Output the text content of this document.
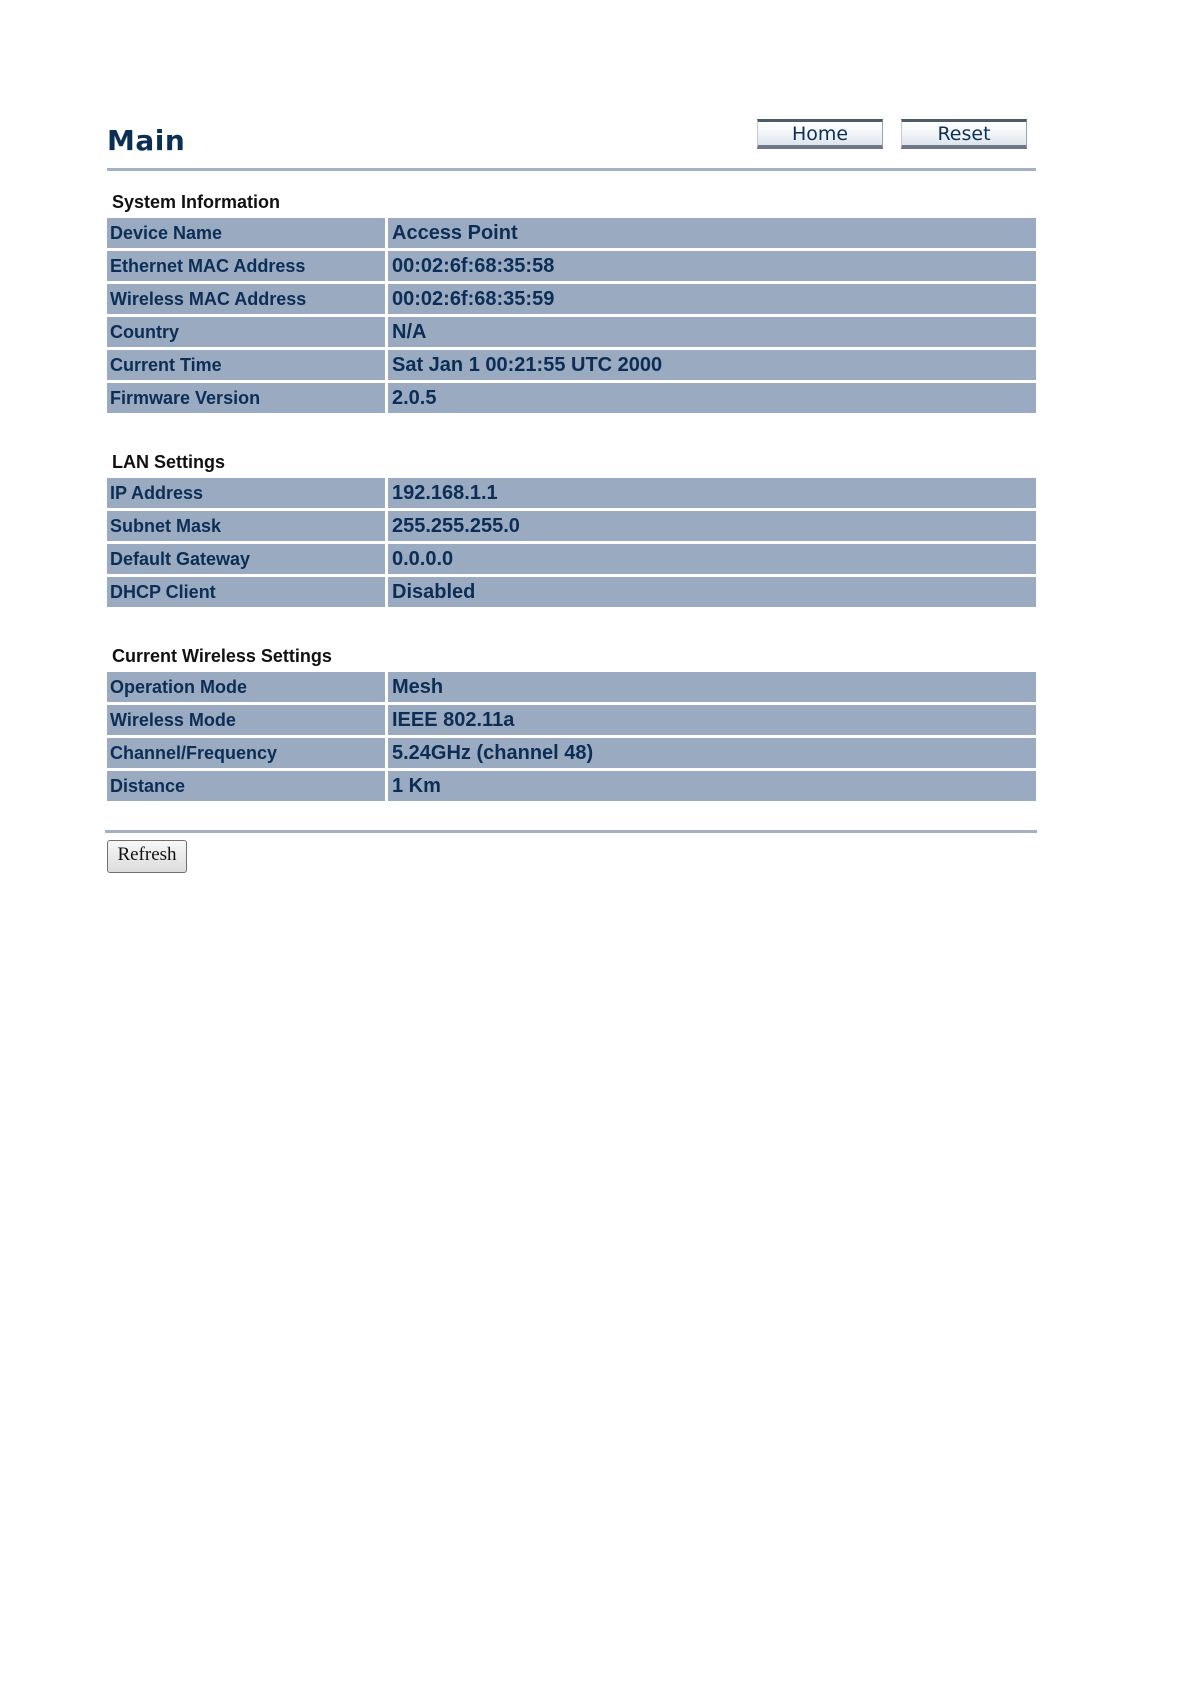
Main	Home	Reset
System Information
Device Name	Access Point
Ethernet MAC Address	00:02:6f:68:35:58
Wireless MAC Address	00:02:6f:68:35:59
Country	N/A
Current Time	Sat Jan 1 00:21:55 UTC 2000
Firmware Version	2.0.5
LAN Settings
IP Address	192.168.1.1
Subnet Mask	255.255.255.0
Default Gateway	0.0.0.0
DHCP Client	Disabled
Current Wireless Settings
Operation Mode	Mesh
Wireless Mode	IEEE 802.11a
Channel/Frequency	5.24GHz (channel 48)
Distance	1 Km
Refresh
